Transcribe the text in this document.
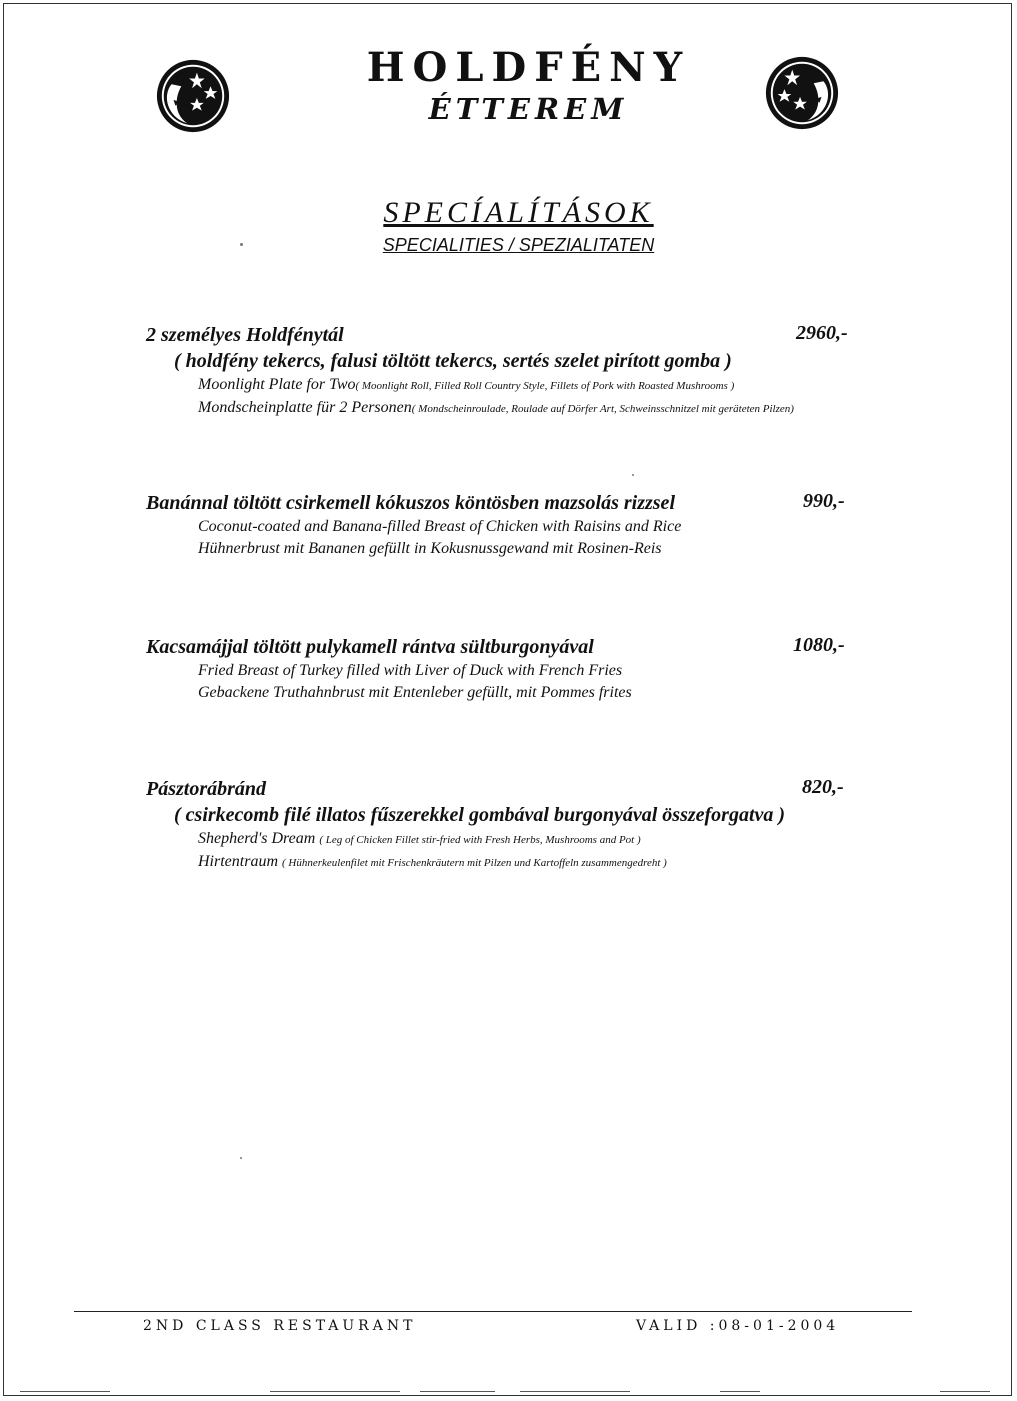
HOLDFÉNY
ÉTTEREM
SPECÍALÍTÁSOK
SPECIALITIES / SPEZIALITATEN
2 személyes Holdfénytál	2960,-
( holdfény tekercs, falusi töltött tekercs, sertés szelet pirított gomba )
Moonlight Plate for Two( Moonlight Roll, Filled Roll Country Style, Fillets of Pork with Roasted Mushrooms )
Mondscheinplatte für 2 Personen( Mondscheinroulade, Roulade auf Dörfer Art, Schweinsschnitzel mit geräteten Pilzen)
Banánnal töltött csirkemell kókuszos köntösben mazsolás rizzsel	990,-
Coconut-coated and Banana-filled Breast of Chicken with Raisins and Rice
Hühnerbrust mit Bananen gefüllt in Kokusnussgewand mit Rosinen-Reis
Kacsamájjal töltött pulykamell rántva sültburgonyával	1080,-
Fried Breast of Turkey filled with Liver of Duck with French Fries
Gebackene Truthahnbrust mit Entenleber gefüllt, mit Pommes frites
Pásztorábránd	820,-
( csirkecomb filé illatos fűszerekkel gombával burgonyával összeforgatva )
Shepherd's Dream ( Leg of Chicken Fillet stir-fried with Fresh Herbs, Mushrooms and Pot )
Hirtentraum ( Hühnerkeulenfilet mit Frischenkräutern mit Pilzen und Kartoffeln zusammengedreht )
2ND CLASS RESTAURANT	VALID :08-01-2004
